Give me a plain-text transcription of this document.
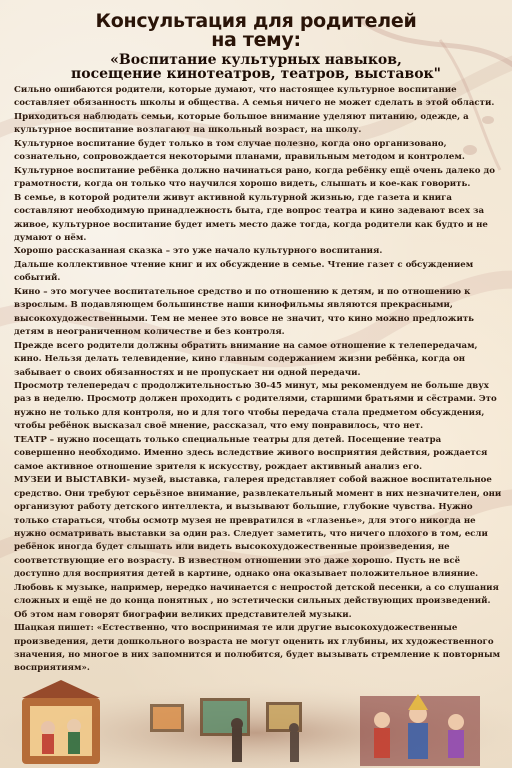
Консультация для родителей
на тему:
«Воспитание культурных навыков,
посещение кинотеатров, театров, выставок"

Сильно ошибаются родители, которые думают, что настоящее культурное воспитание составляет обязанность школы и общества. А семья ничего не может сделать в этой области.

Приходиться наблюдать семьи, которые большое внимание уделяют питанию, одежде, а культурное воспитание возлагают на школьный возраст, на школу.

Культурное воспитание будет только в том случае полезно, когда оно организовано, сознательно, сопровождается некоторыми планами, правильным методом и контролем. Культурное воспитание ребёнка должно начинаться рано, когда ребёнку ещё очень далеко до грамотности, когда он только что научился хорошо видеть, слышать и кое-как говорить.

В семье, в которой родители живут активной культурной жизнью, где газета и книга составляют необходимую принадлежность быта, где вопрос театра и кино задевают всех за живое, культурное воспитание будет иметь место даже тогда, когда родители как будто и не думают о нём.

Хорошо рассказанная сказка – это уже начало культурного воспитания.

Дальше коллективное чтение книг и их обсуждение в семье. Чтение газет с обсуждением событий.

Кино – это могучее воспитательное средство и по отношению к детям, и по отношению к взрослым. В подавляющем большинстве наши кинофильмы являются прекрасными, высокохудожественными. Тем не менее это вовсе не значит, что кино можно предложить детям в неограниченном количестве и без контроля.

Прежде всего родители должны обратить внимание на самое отношение к телепередачам, кино. Нельзя делать телевидение, кино главным содержанием жизни ребёнка, когда он забывает о своих обязанностях и не пропускает ни одной передачи.

Просмотр телепередач с продолжительностью 30-45 минут, мы рекомендуем не больше двух раз в неделю. Просмотр должен проходить с родителями, старшими братьями и сёстрами. Это нужно не только для контроля, но и для того чтобы передача стала предметом обсуждения, чтобы ребёнок высказал своё мнение, рассказал, что ему понравилось, что нет.

ТЕАТР – нужно посещать только специальные театры для детей. Посещение театра совершенно необходимо. Именно здесь вследствие живого восприятия действия, рождается самое активное отношение зрителя к искусству, рождает активный анализ его.

МУЗЕИ И ВЫСТАВКИ- музей, выставка, галерея представляет собой важное воспитательное средство. Они требуют серьёзное внимание, развлекательный момент в них незначителен, они организуют работу детского интеллекта, и вызывают большие, глубокие чувства. Нужно только стараться, чтобы осмотр музея не превратился в «глазенье», для этого никогда не нужно осматривать выставки за один раз. Следует заметить, что ничего плохого в том, если ребёнок иногда будет слышать или видеть высокохудожественные произведения, не соответствующие его возрасту. В известном отношении это даже хорошо. Пусть не всё доступно для восприятия детей в картине, однако она оказывает положительное влияние. Любовь к музыке, например, нередко начинается с непростой детской песенки, а со слушания сложных и ещё не до конца понятных , но эстетически сильных действующих произведений. Об этом нам говорят биографии великих представителей музыки.

Шацкая пишет: «Естественно, что воспринимая те или другие высокохудожественные произведения, дети дошкольного возраста не могут оценить их глубины, их художественного значения, но многое в них запомнится и полюбится, будет вызывать стремление к повторным восприятиям».
